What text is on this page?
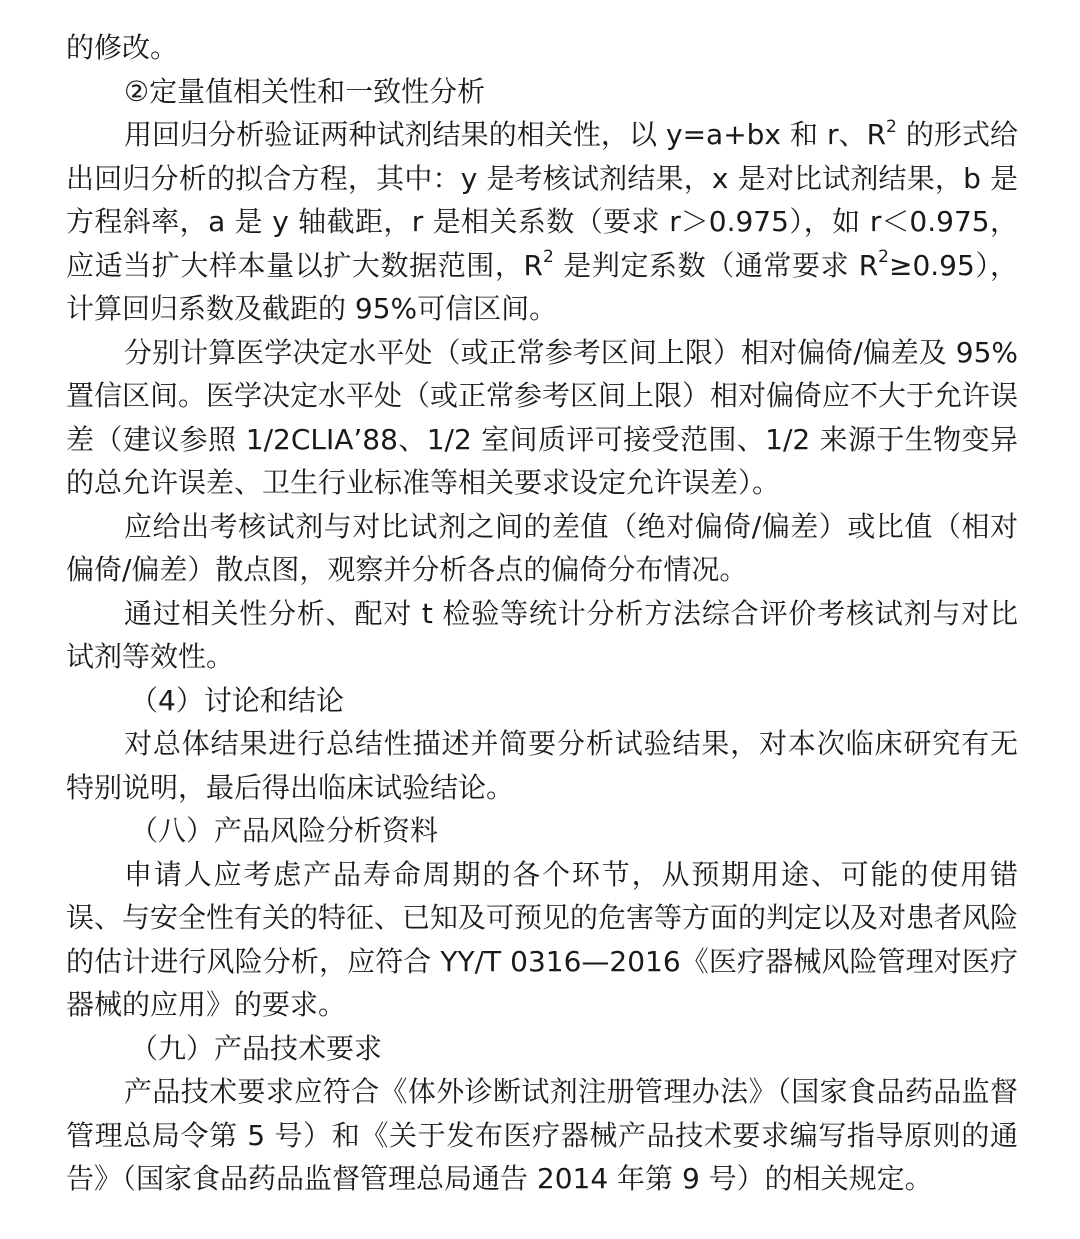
的修改。

②定量值相关性和一致性分析

用回归分析验证两种试剂结果的相关性，以 y=a+bx 和 r、$R^2$ 的形式给出回归分析的拟合方程，其中：y 是考核试剂结果，x 是对比试剂结果，b 是方程斜率，a 是 y 轴截距，r 是相关系数（要求 r＞0.975），如 r＜0.975，应适当扩大样本量以扩大数据范围，$R^2$ 是判定系数（通常要求 $R^2\ge 0.95$），计算回归系数及截距的 95%可信区间。

分别计算医学决定水平处（或正常参考区间上限）相对偏倚/偏差及 95%置信区间。医学决定水平处（或正常参考区间上限）相对偏倚应不大于允许误差（建议参照 1/2CLIA’88、1/2 室间质评可接受范围、1/2 来源于生物变异的总允许误差、卫生行业标准等相关要求设定允许误差）。

应给出考核试剂与对比试剂之间的差值（绝对偏倚/偏差）或比值（相对偏倚/偏差）散点图，观察并分析各点的偏倚分布情况。

通过相关性分析、配对 t 检验等统计分析方法综合评价考核试剂与对比试剂等效性。

（4）讨论和结论

对总体结果进行总结性描述并简要分析试验结果，对本次临床研究有无特别说明，最后得出临床试验结论。

（八）产品风险分析资料

申请人应考虑产品寿命周期的各个环节，从预期用途、可能的使用错误、与安全性有关的特征、已知及可预见的危害等方面的判定以及对患者风险的估计进行风险分析，应符合 YY/T 0316—2016《医疗器械风险管理对医疗器械的应用》的要求。

（九）产品技术要求

产品技术要求应符合《体外诊断试剂注册管理办法》（国家食品药品监督管理总局令第 5 号）和《关于发布医疗器械产品技术要求编写指导原则的通告》（国家食品药品监督管理总局通告 2014 年第 9 号）的相关规定。
